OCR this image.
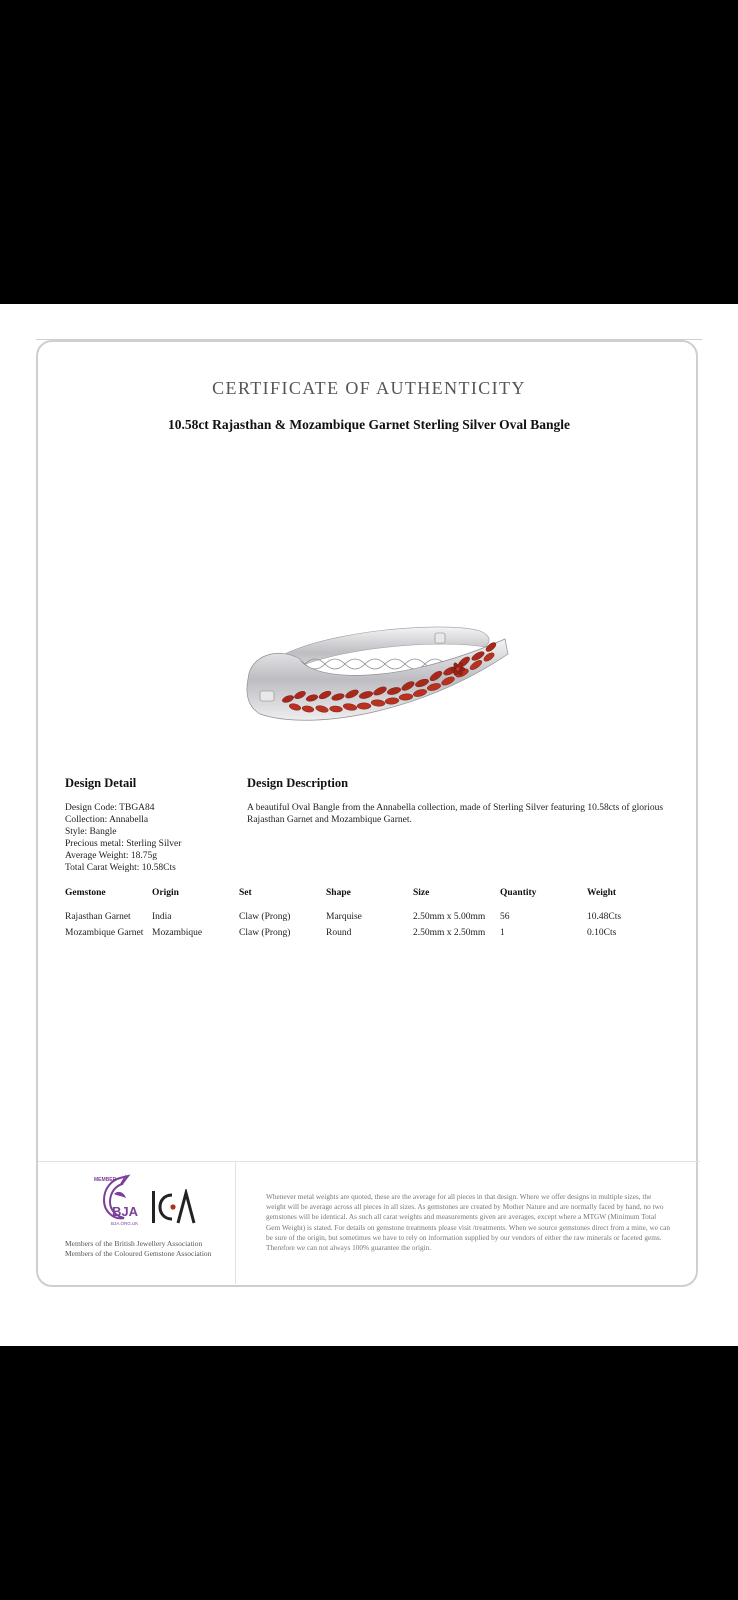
CERTIFICATE OF AUTHENTICITY
10.58ct Rajasthan & Mozambique Garnet Sterling Silver Oval Bangle
Design Detail
Design Code: TBGA84
Collection: Annabella
Style: Bangle
Precious metal: Sterling Silver
Average Weight: 18.75g
Total Carat Weight: 10.58Cts
Design Description
A beautiful Oval Bangle from the Annabella collection, made of Sterling Silver featuring 10.58cts of glorious Rajasthan Garnet and Mozambique Garnet.
Gemstone	Origin	Set	Shape	Size	Quantity	Weight
Rajasthan Garnet	India	Claw (Prong)	Marquise	2.50mm x 5.00mm	56	10.48Cts
Mozambique Garnet	Mozambique	Claw (Prong)	Round	2.50mm x 2.50mm	1	0.10Cts
MEMBER
BJA
BJA.ORG.UK
Members of the British Jewellery Association
Members of the Coloured Gemstone Association
Whenever metal weights are quoted, these are the average for all pieces in that design. Where we offer designs in multiple sizes, the weight will be average across all pieces in all sizes. As gemstones are created by Mother Nature and are normally faced by hand, no two gemstones will be identical. As such all carat weights and measurements given are averages, except where a MTGW (Minimum Total Gem Weight) is stated. For details on gemstone treatments please visit /treatments. When we source gemstones direct from a mine, we can be sure of the origin, but sometimes we have to rely on information supplied by our vendors of either the raw minerals or faceted gems. Therefore we can not always 100% guarantee the origin.
